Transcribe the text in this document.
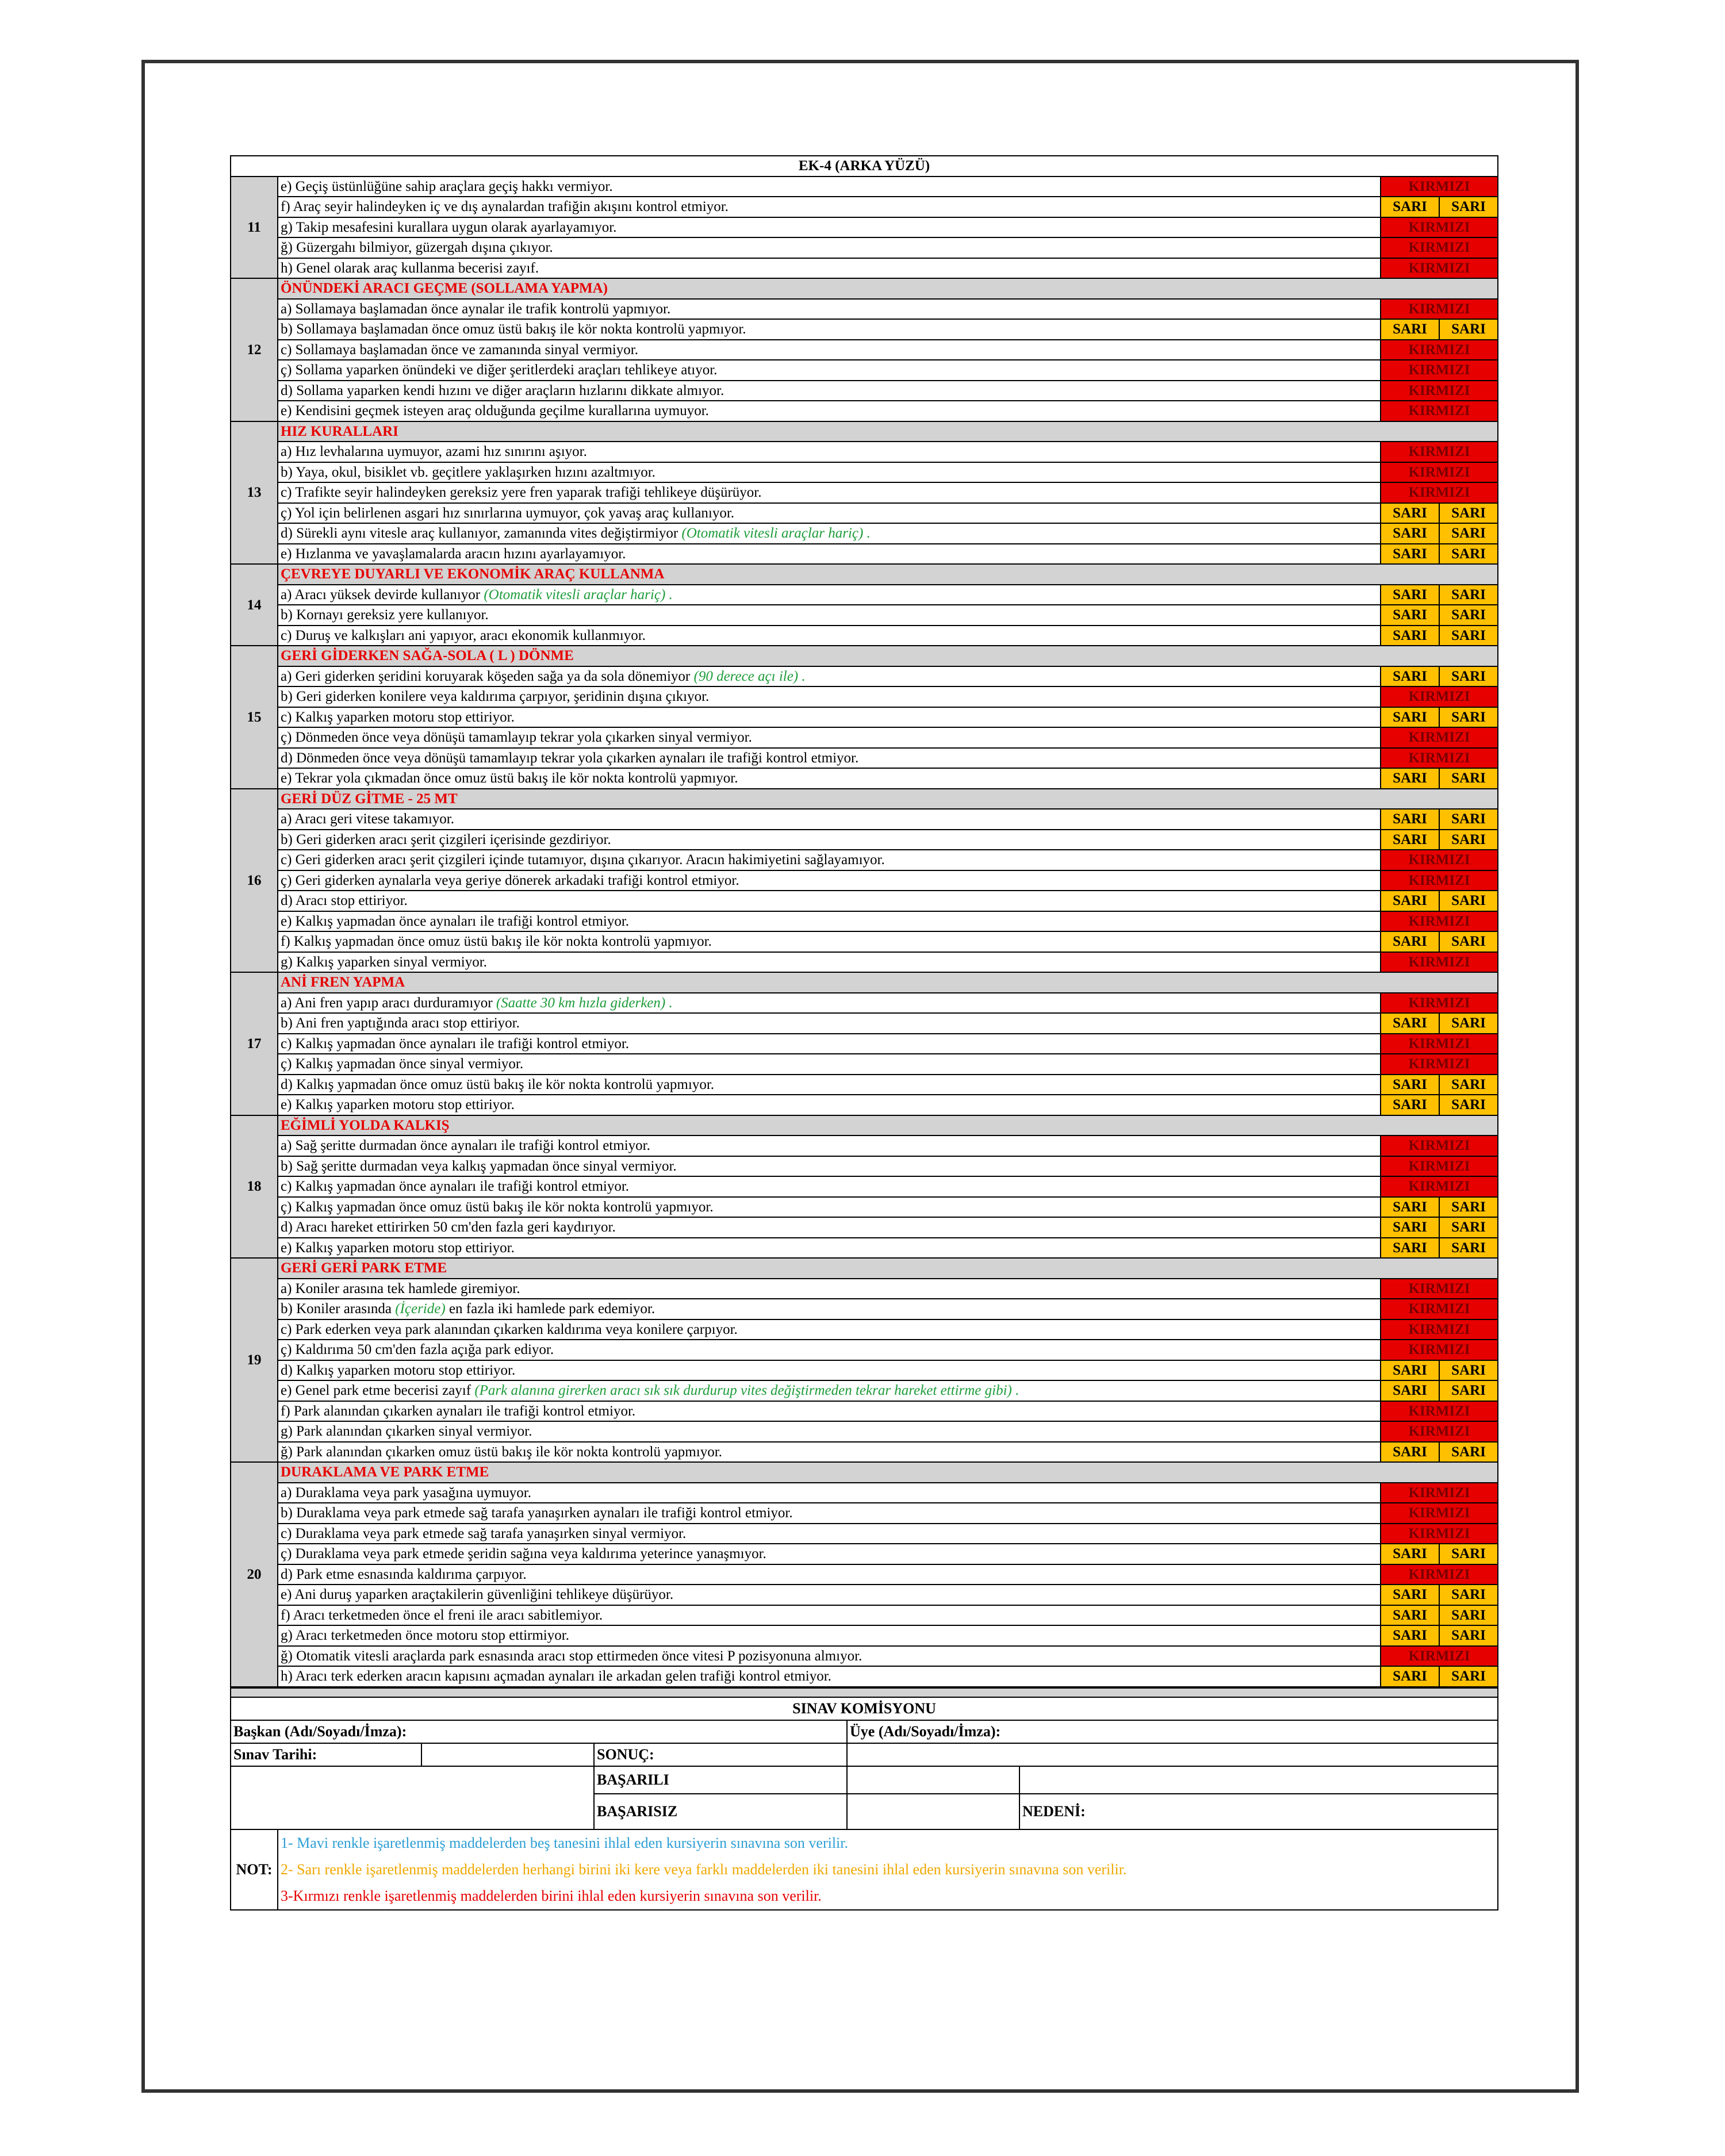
EK-4 (ARKA YÜZÜ)			
11	e) Geçiş üstünlüğüne sahip araçlara geçiş hakkı vermiyor.	KIRMIZI	
	f) Araç seyir halindeyken iç ve dış aynalardan trafiğin akışını kontrol etmiyor.	SARI	SARI
	g) Takip mesafesini kurallara uygun olarak ayarlayamıyor.	KIRMIZI	
	ğ) Güzergahı bilmiyor, güzergah dışına çıkıyor.	KIRMIZI	
	h) Genel olarak araç kullanma becerisi zayıf.	KIRMIZI	
12	ÖNÜNDEKİ ARACI GEÇME (SOLLAMA YAPMA)		
	a) Sollamaya başlamadan önce aynalar ile trafik kontrolü yapmıyor.	KIRMIZI	
	b) Sollamaya başlamadan önce omuz üstü bakış ile kör nokta kontrolü yapmıyor.	SARI	SARI
	c) Sollamaya başlamadan önce ve zamanında sinyal vermiyor.	KIRMIZI	
	ç) Sollama yaparken önündeki ve diğer şeritlerdeki araçları tehlikeye atıyor.	KIRMIZI	
	d) Sollama yaparken kendi hızını ve diğer araçların hızlarını dikkate almıyor.	KIRMIZI	
	e) Kendisini geçmek isteyen araç olduğunda geçilme kurallarına uymuyor.	KIRMIZI	
13	HIZ KURALLARI		
	a) Hız levhalarına uymuyor, azami hız sınırını aşıyor.	KIRMIZI	
	b) Yaya, okul, bisiklet vb. geçitlere yaklaşırken hızını azaltmıyor.	KIRMIZI	
	c) Trafikte seyir halindeyken gereksiz yere fren yaparak trafiği tehlikeye düşürüyor.	KIRMIZI	
	ç) Yol için belirlenen asgari hız sınırlarına uymuyor, çok yavaş araç kullanıyor.	SARI	SARI
	d) Sürekli aynı vitesle araç kullanıyor, zamanında vites değiştirmiyor (Otomatik vitesli araçlar hariç) .	SARI	SARI
	e) Hızlanma ve yavaşlamalarda aracın hızını ayarlayamıyor.	SARI	SARI
14	ÇEVREYE DUYARLI VE EKONOMİK ARAÇ KULLANMA		
	a) Aracı yüksek devirde kullanıyor (Otomatik vitesli araçlar hariç) .	SARI	SARI
	b) Kornayı gereksiz yere kullanıyor.	SARI	SARI
	c) Duruş ve kalkışları ani yapıyor, aracı ekonomik kullanmıyor.	SARI	SARI
15	GERİ GİDERKEN SAĞA-SOLA ( L ) DÖNME		
	a) Geri giderken şeridini koruyarak köşeden sağa ya da sola dönemiyor (90 derece açı ile) .	SARI	SARI
	b) Geri giderken konilere veya kaldırıma çarpıyor, şeridinin dışına çıkıyor.	KIRMIZI	
	c) Kalkış yaparken motoru stop ettiriyor.	SARI	SARI
	ç) Dönmeden önce veya dönüşü tamamlayıp tekrar yola çıkarken sinyal vermiyor.	KIRMIZI	
	d) Dönmeden önce veya dönüşü tamamlayıp tekrar yola çıkarken aynaları ile trafiği kontrol etmiyor.	KIRMIZI	
	e) Tekrar yola çıkmadan önce omuz üstü bakış ile kör nokta kontrolü yapmıyor.	SARI	SARI
16	GERİ DÜZ GİTME - 25 MT		
	a) Aracı geri vitese takamıyor.	SARI	SARI
	b) Geri giderken aracı şerit çizgileri içerisinde gezdiriyor.	SARI	SARI
	c) Geri giderken aracı şerit çizgileri içinde tutamıyor, dışına çıkarıyor. Aracın hakimiyetini sağlayamıyor.	KIRMIZI	
	ç) Geri giderken aynalarla veya geriye dönerek arkadaki trafiği kontrol etmiyor.	KIRMIZI	
	d) Aracı stop ettiriyor.	SARI	SARI
	e) Kalkış yapmadan önce aynaları ile trafiği kontrol etmiyor.	KIRMIZI	
	f) Kalkış yapmadan önce omuz üstü bakış ile kör nokta kontrolü yapmıyor.	SARI	SARI
	g) Kalkış yaparken sinyal vermiyor.	KIRMIZI	
17	ANİ FREN YAPMA		
	a) Ani fren yapıp aracı durduramıyor (Saatte 30 km hızla giderken) .	KIRMIZI	
	b) Ani fren yaptığında aracı stop ettiriyor.	SARI	SARI
	c) Kalkış yapmadan önce aynaları ile trafiği kontrol etmiyor.	KIRMIZI	
	ç) Kalkış yapmadan önce sinyal vermiyor.	KIRMIZI	
	d) Kalkış yapmadan önce omuz üstü bakış ile kör nokta kontrolü yapmıyor.	SARI	SARI
	e) Kalkış yaparken motoru stop ettiriyor.	SARI	SARI
18	EĞİMLİ YOLDA KALKIŞ		
	a) Sağ şeritte durmadan önce aynaları ile trafiği kontrol etmiyor.	KIRMIZI	
	b) Sağ şeritte durmadan veya kalkış yapmadan önce sinyal vermiyor.	KIRMIZI	
	c) Kalkış yapmadan önce aynaları ile trafiği kontrol etmiyor.	KIRMIZI	
	ç) Kalkış yapmadan önce omuz üstü bakış ile kör nokta kontrolü yapmıyor.	SARI	SARI
	d) Aracı hareket ettirirken 50 cm'den fazla geri kaydırıyor.	SARI	SARI
	e) Kalkış yaparken motoru stop ettiriyor.	SARI	SARI
19	GERİ GERİ PARK ETME		
	a) Koniler arasına tek hamlede giremiyor.	KIRMIZI	
	b) Koniler arasında (İçeride) en fazla iki hamlede park edemiyor.	KIRMIZI	
	c) Park ederken veya park alanından çıkarken kaldırıma veya konilere çarpıyor.	KIRMIZI	
	ç) Kaldırıma 50 cm'den fazla açığa park ediyor.	KIRMIZI	
	d) Kalkış yaparken motoru stop ettiriyor.	SARI	SARI
	e) Genel park etme becerisi zayıf (Park alanına girerken aracı sık sık durdurup vites değiştirmeden tekrar hareket ettirme gibi) .	SARI	SARI
	f) Park alanından çıkarken aynaları ile trafiği kontrol etmiyor.	KIRMIZI	
	g) Park alanından çıkarken sinyal vermiyor.	KIRMIZI	
	ğ) Park alanından çıkarken omuz üstü bakış ile kör nokta kontrolü yapmıyor.	SARI	SARI
20	DURAKLAMA VE PARK ETME		
	a) Duraklama veya park yasağına uymuyor.	KIRMIZI	
	b) Duraklama veya park etmede sağ tarafa yanaşırken aynaları ile trafiği kontrol etmiyor.	KIRMIZI	
	c) Duraklama veya park etmede sağ tarafa yanaşırken sinyal vermiyor.	KIRMIZI	
	ç) Duraklama veya park etmede şeridin sağına veya kaldırıma yeterince yanaşmıyor.	SARI	SARI
	d) Park etme esnasında kaldırıma çarpıyor.	KIRMIZI	
	e) Ani duruş yaparken araçtakilerin güvenliğini tehlikeye düşürüyor.	SARI	SARI
	f) Aracı terketmeden önce el freni ile aracı sabitlemiyor.	SARI	SARI
	g) Aracı terketmeden önce motoru stop ettirmiyor.	SARI	SARI
	ğ) Otomatik vitesli araçlarda park esnasında aracı stop ettirmeden önce vitesi P pozisyonuna almıyor.	KIRMIZI	
	h) Aracı terk ederken aracın kapısını açmadan aynaları ile arkadan gelen trafiği kontrol etmiyor.	SARI	SARI

SINAV KOMİSYONU					
Başkan (Adı/Soyadı/İmza):				Üye (Adı/Soyadı/İmza):	
Sınav Tarihi:			SONUÇ:		
			BAŞARILI		
			BAŞARISIZ		NEDENİ:
NOT:	1- Mavi renkle işaretlenmiş maddelerden beş tanesini ihlal eden kursiyerin sınavına son verilir.
2- Sarı renkle işaretlenmiş maddelerden herhangi birini iki kere veya farklı maddelerden iki tanesini ihlal eden kursiyerin sınavına son verilir.
3-Kırmızı renkle işaretlenmiş maddelerden birini ihlal eden kursiyerin sınavına son verilir.				
